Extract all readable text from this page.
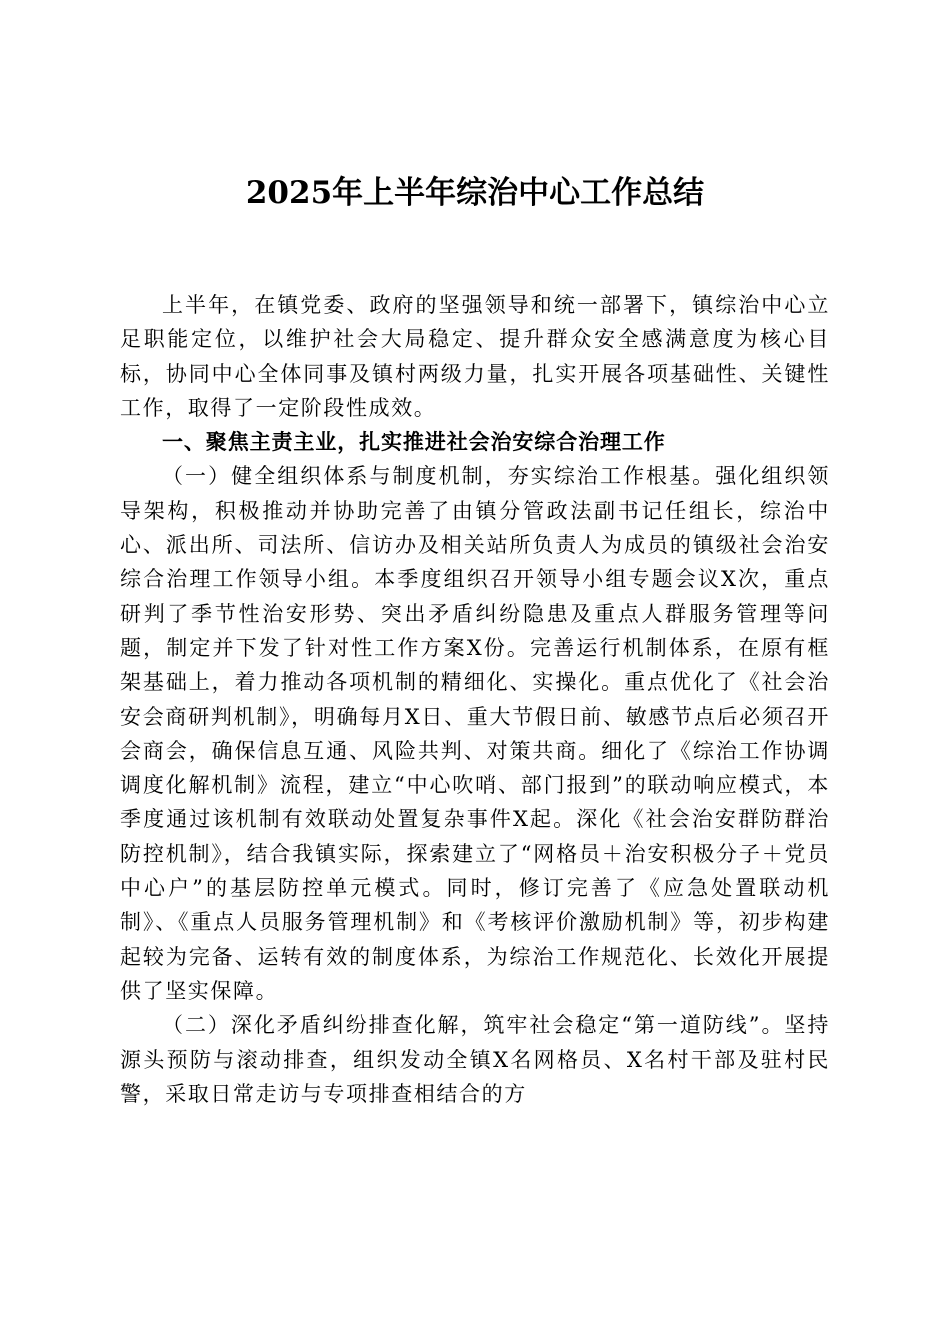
2025年上半年综治中心工作总结

上半年，在镇党委、政府的坚强领导和统一部署下，镇综治中心立足职能定位，以维护社会大局稳定、提升群众安全感满意度为核心目标，协同中心全体同事及镇村两级力量，扎实开展各项基础性、关键性工作，取得了一定阶段性成效。

一、聚焦主责主业，扎实推进社会治安综合治理工作

（一）健全组织体系与制度机制，夯实综治工作根基。强化组织领导架构，积极推动并协助完善了由镇分管政法副书记任组长，综治中心、派出所、司法所、信访办及相关站所负责人为成员的镇级社会治安综合治理工作领导小组。本季度组织召开领导小组专题会议X次，重点研判了季节性治安形势、突出矛盾纠纷隐患及重点人群服务管理等问题，制定并下发了针对性工作方案X份。完善运行机制体系，在原有框架基础上，着力推动各项机制的精细化、实操化。重点优化了《社会治安会商研判机制》，明确每月X日、重大节假日前、敏感节点后必须召开会商会，确保信息互通、风险共判、对策共商。细化了《综治工作协调调度化解机制》流程，建立“中心吹哨、部门报到”的联动响应模式，本季度通过该机制有效联动处置复杂事件X起。深化《社会治安群防群治防控机制》，结合我镇实际，探索建立了“网格员＋治安积极分子＋党员中心户”的基层防控单元模式。同时，修订完善了《应急处置联动机制》、《重点人员服务管理机制》和《考核评价激励机制》等，初步构建起较为完备、运转有效的制度体系，为综治工作规范化、长效化开展提供了坚实保障。

（二）深化矛盾纠纷排查化解，筑牢社会稳定“第一道防线”。坚持源头预防与滚动排查，组织发动全镇X名网格员、X名村干部及驻村民警，采取日常走访与专项排查相结合的方
